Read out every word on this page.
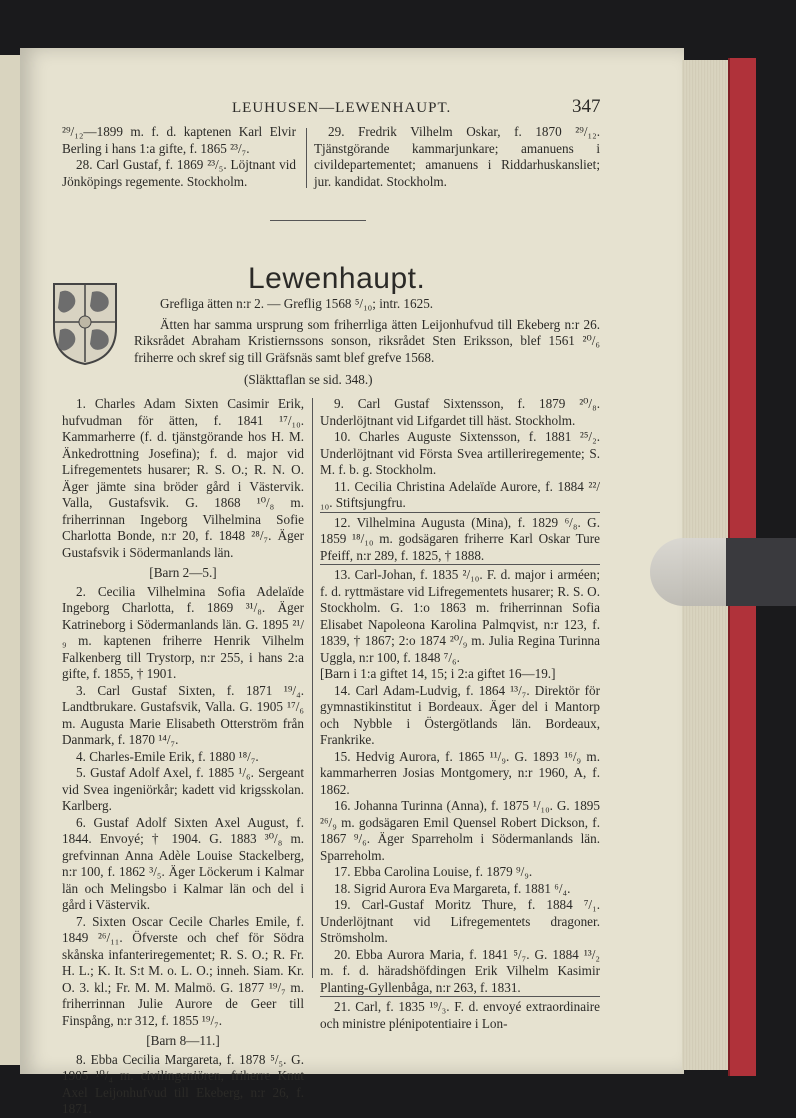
LEUHUSEN—LEWENHAUPT.	347

²⁹/₁₂—1899 m. f. d. kaptenen Karl Elvir Berling i hans 1:a gifte, f. 1865 ²³/₇.

28. Carl Gustaf, f. 1869 ²³/₅. Löjtnant vid Jönköpings regemente. Stockholm.

29. Fredrik Vilhelm Oskar, f. 1870 ²⁹/₁₂. Tjänstgörande kammarjunkare; amanuens i civildepartementet; amanuens i Riddarhuskansliet; jur. kandidat. Stockholm.

Lewenhaupt.

Grefliga ätten n:r 2. — Greflig 1568 ⁵/₁₀; intr. 1625.

Ätten har samma ursprung som friherrliga ätten Leijonhufvud till Ekeberg n:r 26. Riksrådet Abraham Kristiernssons sonson, riksrådet Sten Eriksson, blef 1561 ²⁰/₆ friherre och skref sig till Gräfsnäs samt blef grefve 1568.

(Släkttaflan se sid. 348.)

1. Charles Adam Sixten Casimir Erik, hufvudman för ätten, f. 1841 ¹⁷/₁₀. Kammarherre (f. d. tjänstgörande hos H. M. Änkedrottning Josefina); f. d. major vid Lifregementets husarer; R. S. O.; R. N. O. Äger jämte sina bröder gård i Västervik. Valla, Gustafsvik. G. 1868 ¹⁰/₈ m. friherrinnan Ingeborg Vilhelmina Sofie Charlotta Bonde, n:r 20, f. 1848 ²⁸/₇. Äger Gustafsvik i Södermanlands län.

[Barn 2—5.]

2. Cecilia Vilhelmina Sofia Adelaïde Ingeborg Charlotta, f. 1869 ³¹/₈. Äger Katrineborg i Södermanlands län. G. 1895 ²¹/₉ m. kaptenen friherre Henrik Vilhelm Falkenberg till Trystorp, n:r 255, i hans 2:a gifte, f. 1855, † 1901.

3. Carl Gustaf Sixten, f. 1871 ¹⁹/₄. Landtbrukare. Gustafsvik, Valla. G. 1905 ¹⁷/₆ m. Augusta Marie Elisabeth Otterström från Danmark, f. 1870 ¹⁴/₇.

4. Charles-Emile Erik, f. 1880 ¹⁸/₇.

5. Gustaf Adolf Axel, f. 1885 ¹/₆. Sergeant vid Svea ingeniörkår; kadett vid krigsskolan. Karlberg.

6. Gustaf Adolf Sixten Axel August, f. 1844. Envoyé; † 1904. G. 1883 ³⁰/₈ m. grefvinnan Anna Adèle Louise Stackelberg, n:r 100, f. 1862 ³/₅. Äger Löckerum i Kalmar län och Melingsbo i Kalmar län och del i gård i Västervik.

7. Sixten Oscar Cecile Charles Emile, f. 1849 ²⁶/₁₁. Öfverste och chef för Södra skånska infanteriregementet; R. S. O.; R. Fr. H. L.; K. It. S:t M. o. L. O.; inneh. Siam. Kr. O. 3. kl.; Fr. M. M. Malmö. G. 1877 ¹⁹/₇ m. friherrinnan Julie Aurore de Geer till Finspång, n:r 312, f. 1855 ¹⁹/₇.

[Barn 8—11.]

8. Ebba Cecilia Margareta, f. 1878 ⁵/₅. G. 1905 ¹⁰/₄ m. civilingeniören, friherre Knut Axel Leijonhufvud till Ekeberg, n:r 26, f. 1871.

9. Carl Gustaf Sixtensson, f. 1879 ²⁰/₈. Underlöjtnant vid Lifgardet till häst. Stockholm.

10. Charles Auguste Sixtensson, f. 1881 ²⁵/₂. Underlöjtnant vid Första Svea artilleriregemente; S. M. f. b. g. Stockholm.

11. Cecilia Christina Adelaïde Aurore, f. 1884 ²²/₁₀. Stiftsjungfru.

12. Vilhelmina Augusta (Mina), f. 1829 ⁶/₈. G. 1859 ¹⁸/₁₀ m. godsägaren friherre Karl Oskar Ture Pfeiff, n:r 289, f. 1825, † 1888.

13. Carl-Johan, f. 1835 ²/₁₀. F. d. major i arméen; f. d. ryttmästare vid Lifregementets husarer; R. S. O. Stockholm. G. 1:o 1863 m. friherrinnan Sofia Elisabet Napoleona Karolina Palmqvist, n:r 123, f. 1839, † 1867; 2:o 1874 ²⁰/₉ m. Julia Regina Turinna Uggla, n:r 100, f. 1848 ⁷/₆.

[Barn i 1:a giftet 14, 15; i 2:a giftet 16—19.]

14. Carl Adam-Ludvig, f. 1864 ¹³/₇. Direktör för gymnastikinstitut i Bordeaux. Äger del i Mantorp och Nybble i Östergötlands län. Bordeaux, Frankrike.

15. Hedvig Aurora, f. 1865 ¹¹/₉. G. 1893 ¹⁶/₉ m. kammarherren Josias Montgomery, n:r 1960, A, f. 1862.

16. Johanna Turinna (Anna), f. 1875 ¹/₁₀. G. 1895 ²⁶/₉ m. godsägaren Emil Quensel Robert Dickson, f. 1867 ⁹/₆. Äger Sparreholm i Södermanlands län. Sparreholm.

17. Ebba Carolina Louise, f. 1879 ⁹/₉.

18. Sigrid Aurora Eva Margareta, f. 1881 ⁶/₄.

19. Carl-Gustaf Moritz Thure, f. 1884 ⁷/₁. Underlöjtnant vid Lifregementets dragoner. Strömsholm.

20. Ebba Aurora Maria, f. 1841 ⁵/₇. G. 1884 ¹³/₂ m. f. d. häradshöfdingen Erik Vilhelm Kasimir Planting-Gyllenbåga, n:r 263, f. 1831.

21. Carl, f. 1835 ¹⁹/₃. F. d. envoyé extraordinaire och ministre plénipotentiaire i Lon-
